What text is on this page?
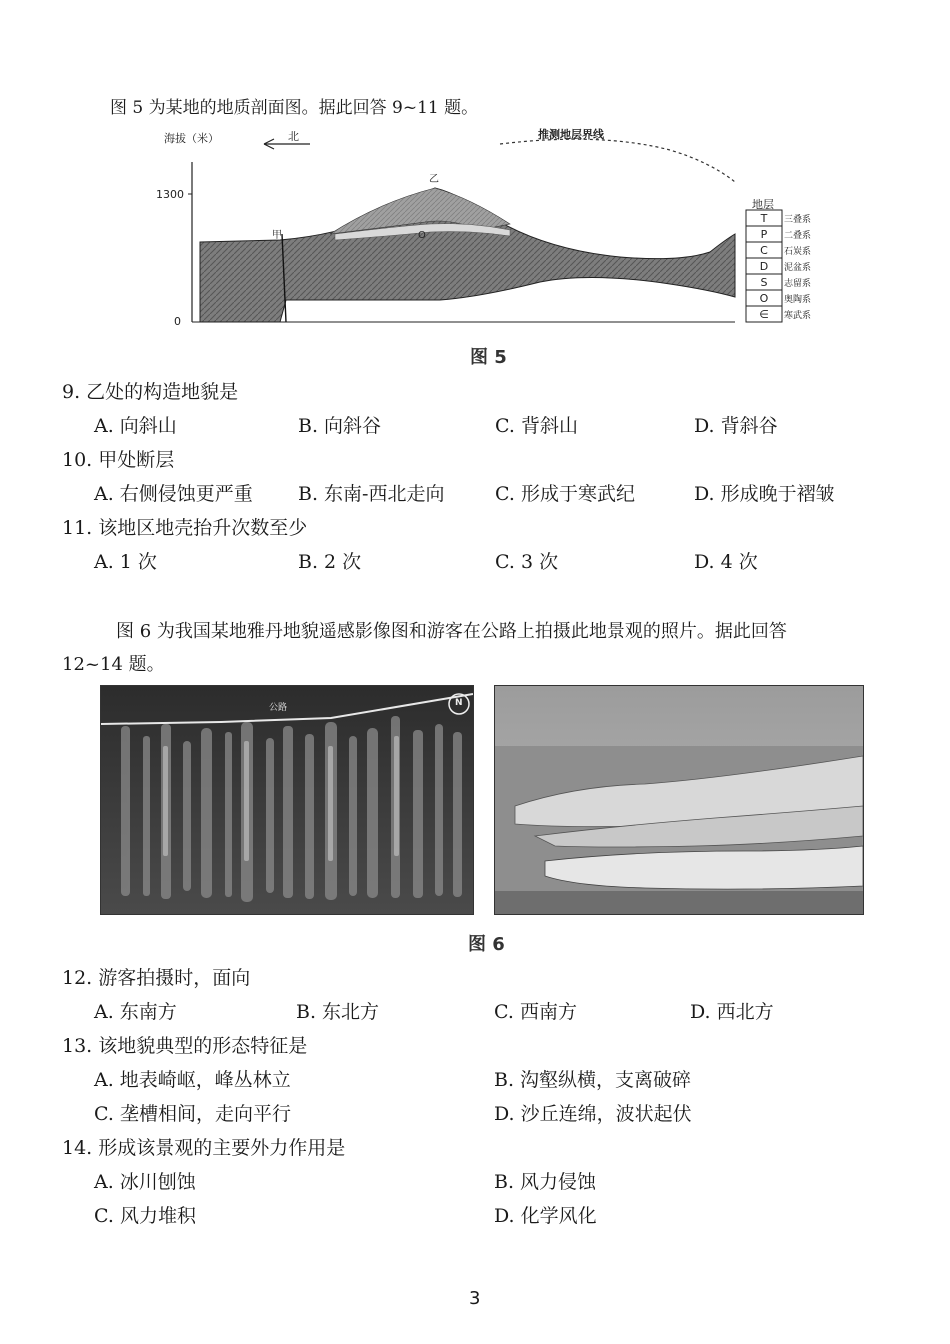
图 5 为某地的地质剖面图。据此回答 9~11 题。
海拔（米）	北	推测地层界线
1300
0
甲
乙
O
地层
T	三叠系
P	二叠系
C	石炭系
D	泥盆系
S	志留系
O	奥陶系
∈	寒武系
图 5
9. 乙处的构造地貌是
A. 向斜山	B. 向斜谷	C. 背斜山	D. 背斜谷
10. 甲处断层
A. 右侧侵蚀更严重 B. 东南-西北走向	C. 形成于寒武纪	D. 形成晚于褶皱
11. 该地区地壳抬升次数至少
A. 1 次	B. 2 次	C. 3 次	D. 4 次
图 6 为我国某地雅丹地貌遥感影像图和游客在公路上拍摄此地景观的照片。据此回答
12~14 题。
公路	N
图 6
12. 游客拍摄时，面向
A. 东南方	B. 东北方	C. 西南方	D. 西北方
13. 该地貌典型的形态特征是
A. 地表崎岖，峰丛林立	B. 沟壑纵横，支离破碎
C. 垄槽相间，走向平行	D. 沙丘连绵，波状起伏
14. 形成该景观的主要外力作用是
A. 冰川刨蚀	B. 风力侵蚀
C. 风力堆积	D. 化学风化
3
